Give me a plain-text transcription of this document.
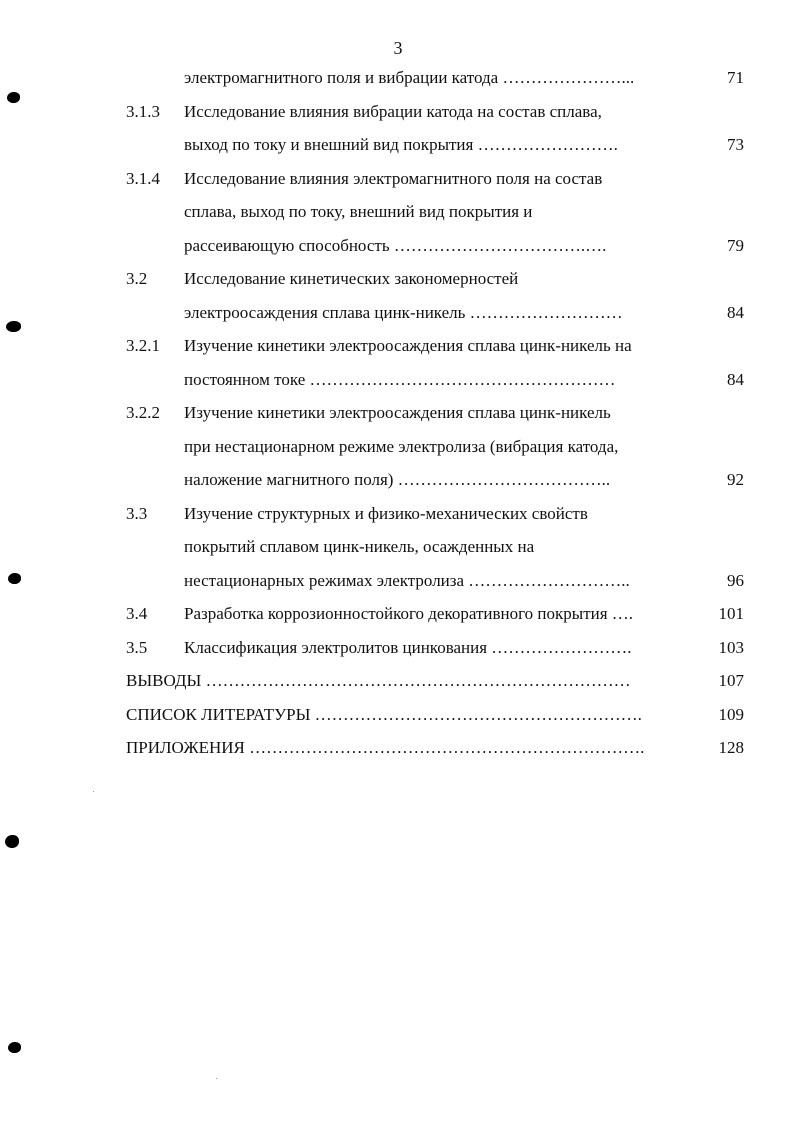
3
электромагнитного поля и вибрации катода …………………...	71
3.1.3 Исследование влияния вибрации катода на состав сплава,
выход по току и внешний вид покрытия …………………….	73
3.1.4 Исследование влияния электромагнитного поля на состав
сплава, выход по току, внешний вид покрытия и
рассеивающую способность …………………………….….	79
3.2 Исследование кинетических закономерностей
электроосаждения сплава цинк-никель ………………………	84
3.2.1 Изучение кинетики электроосаждения сплава цинк-никель на
постоянном токе ………………………………………………	84
3.2.2 Изучение кинетики электроосаждения сплава цинк-никель
при нестационарном режиме электролиза (вибрация катода,
наложение магнитного поля) ………………………………..	92
3.3 Изучение структурных и физико-механических свойств
покрытий сплавом цинк-никель, осажденных на
нестационарных режимах электролиза ………………………..	96
3.4 Разработка коррозионностойкого декоративного покрытия ….	101
3.5 Классификация электролитов цинкования …………………….	103
ВЫВОДЫ …………………………………………………………………	107
СПИСОК ЛИТЕРАТУРЫ ………………………………………………….	109
ПРИЛОЖЕНИЯ …………………………………………………………….	128
